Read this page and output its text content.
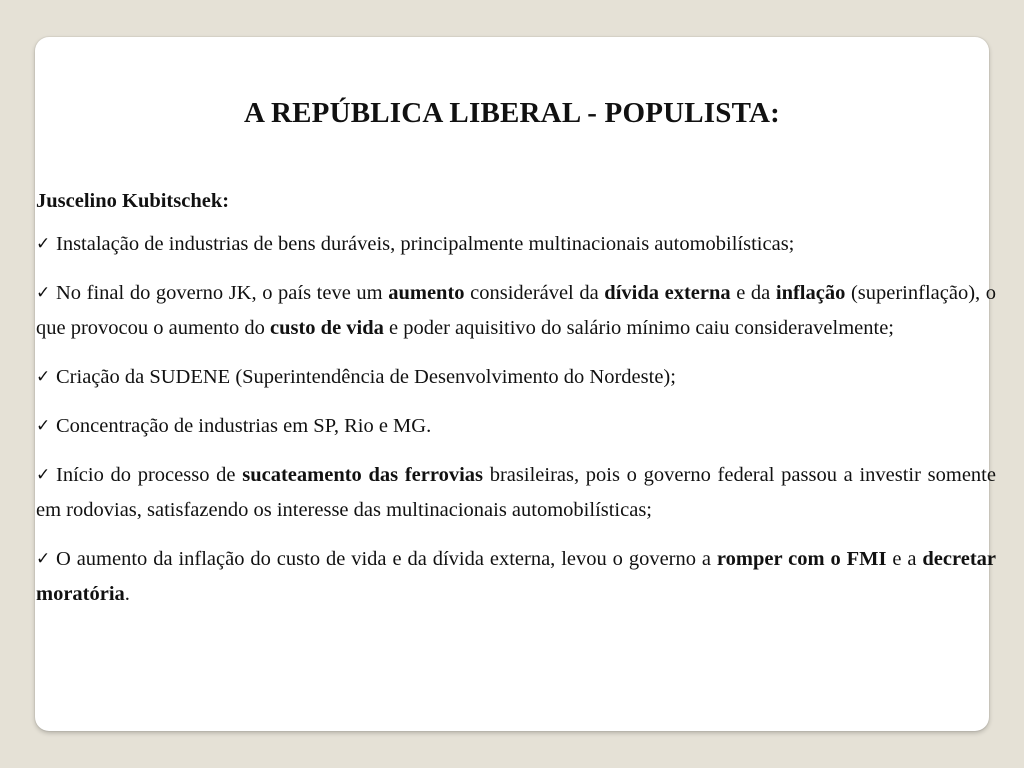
A REPÚBLICA LIBERAL - POPULISTA:

Juscelino Kubitschek:

✓ Instalação de industrias de bens duráveis, principalmente multinacionais automobilísticas;

✓ No final do governo JK, o país teve um aumento considerável da dívida externa e da inflação (superinflação), o que provocou o aumento do custo de vida e poder aquisitivo do salário mínimo caiu consideravelmente;

✓ Criação da SUDENE (Superintendência de Desenvolvimento do Nordeste);

✓ Concentração de industrias em SP, Rio e MG.

✓ Início do processo de sucateamento das ferrovias brasileiras, pois o governo federal passou a investir somente em rodovias, satisfazendo os interesse das multinacionais automobilísticas;

✓ O aumento da inflação do custo de vida e da dívida externa, levou o governo a romper com o FMI e a decretar moratória.
